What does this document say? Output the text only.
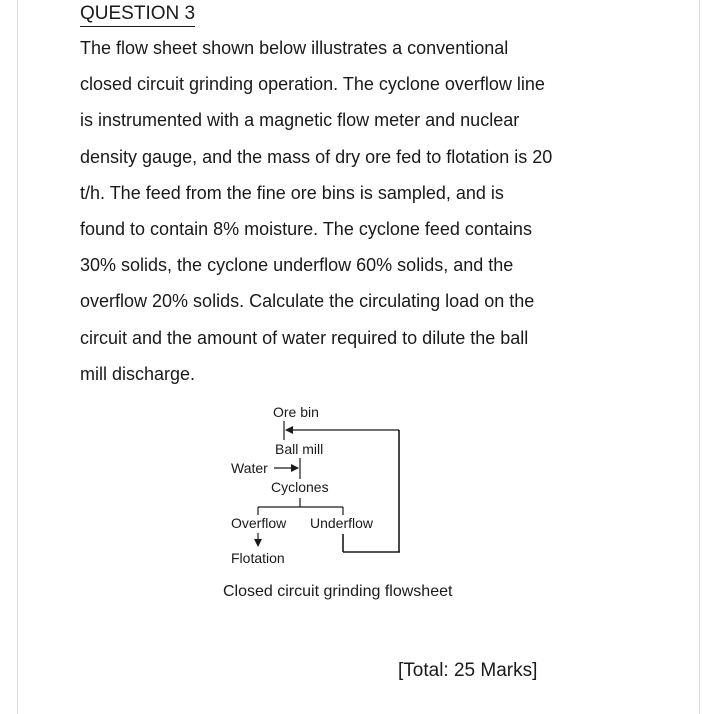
QUESTION 3
The flow sheet shown below illustrates a conventional
closed circuit grinding operation. The cyclone overflow line
is instrumented with a magnetic flow meter and nuclear
density gauge, and the mass of dry ore fed to flotation is 20
t/h. The feed from the fine ore bins is sampled, and is
found to contain 8% moisture. The cyclone feed contains
30% solids, the cyclone underflow 60% solids, and the
overflow 20% solids. Calculate the circulating load on the
circuit and the amount of water required to dilute the ball
mill discharge.
Ore bin
Ball mill
Water
Cyclones
Overflow Underflow
Flotation
Closed circuit grinding flowsheet
[Total: 25 Marks]
